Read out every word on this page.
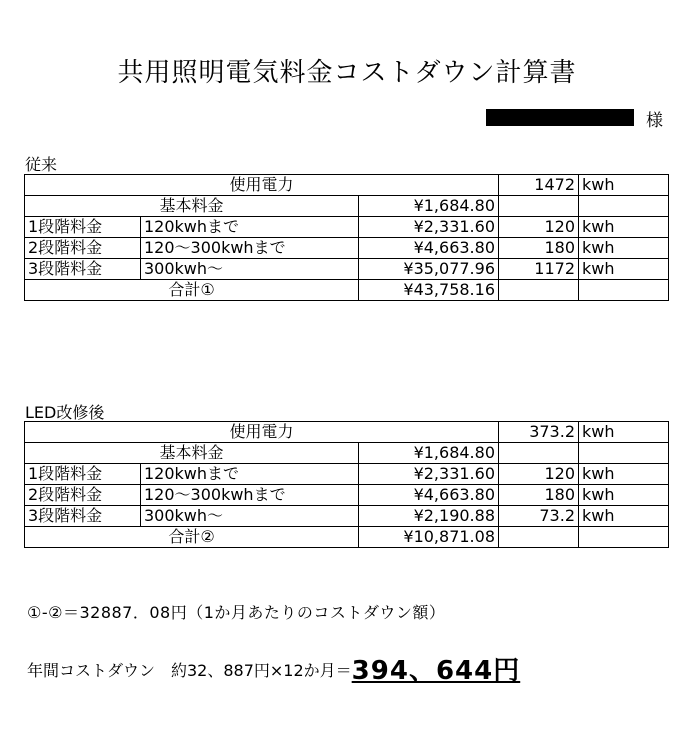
共用照明電気料金コストダウン計算書
様
従来
使用電力			1472	kwh
基本料金		¥1,684.80		
1段階料金	120kwhまで	¥2,331.60	120	kwh
2段階料金	120～300kwhまで	¥4,663.80	180	kwh
3段階料金	300kwh～	¥35,077.96	1172	kwh
合計①		¥43,758.16		
LED改修後
使用電力			373.2	kwh
基本料金		¥1,684.80		
1段階料金	120kwhまで	¥2,331.60	120	kwh
2段階料金	120～300kwhまで	¥4,663.80	180	kwh
3段階料金	300kwh～	¥2,190.88	73.2	kwh
合計②		¥10,871.08		
①-②＝32887．08円（1か月あたりのコストダウン額）
年間コストダウン　約32、887円×12か月＝394、644円
